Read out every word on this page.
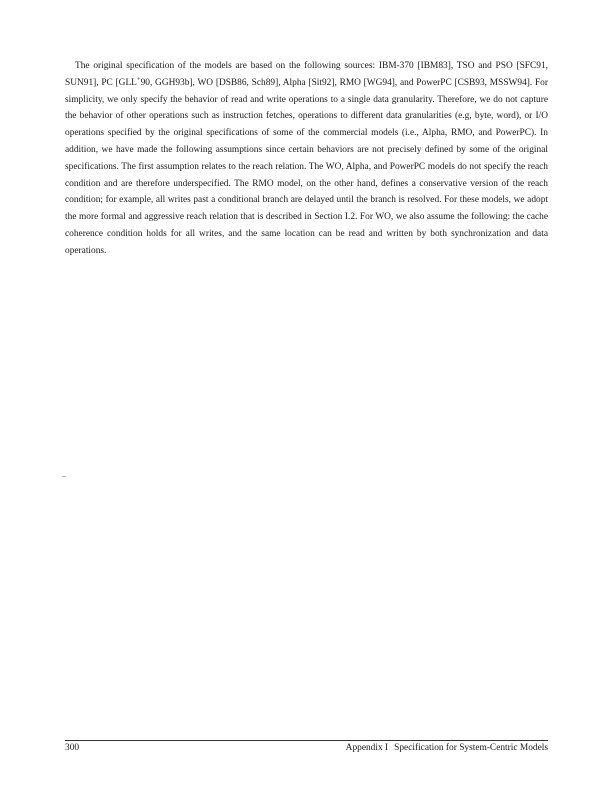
The original specification of the models are based on the following sources: IBM-370 [IBM83], TSO and PSO [SFC91, SUN91], PC [GLL+90, GGH93b], WO [DSB86, Sch89], Alpha [Sit92], RMO [WG94], and PowerPC [CSB93, MSSW94]. For simplicity, we only specify the behavior of read and write operations to a single data granularity. Therefore, we do not capture the behavior of other operations such as instruction fetches, operations to different data granularities (e.g, byte, word), or I/O operations specified by the original specifications of some of the commercial models (i.e., Alpha, RMO, and PowerPC). In addition, we have made the following assumptions since certain behaviors are not precisely defined by some of the original specifications. The first assumption relates to the reach relation. The WO, Alpha, and PowerPC models do not specify the reach condition and are therefore underspecified. The RMO model, on the other hand, defines a conservative version of the reach condition; for example, all writes past a conditional branch are delayed until the branch is resolved. For these models, we adopt the more formal and aggressive reach relation that is described in Section I.2. For WO, we also assume the following: the cache coherence condition holds for all writes, and the same location can be read and written by both synchronization and data operations.

300	Appendix I Specification for System-Centric Models
